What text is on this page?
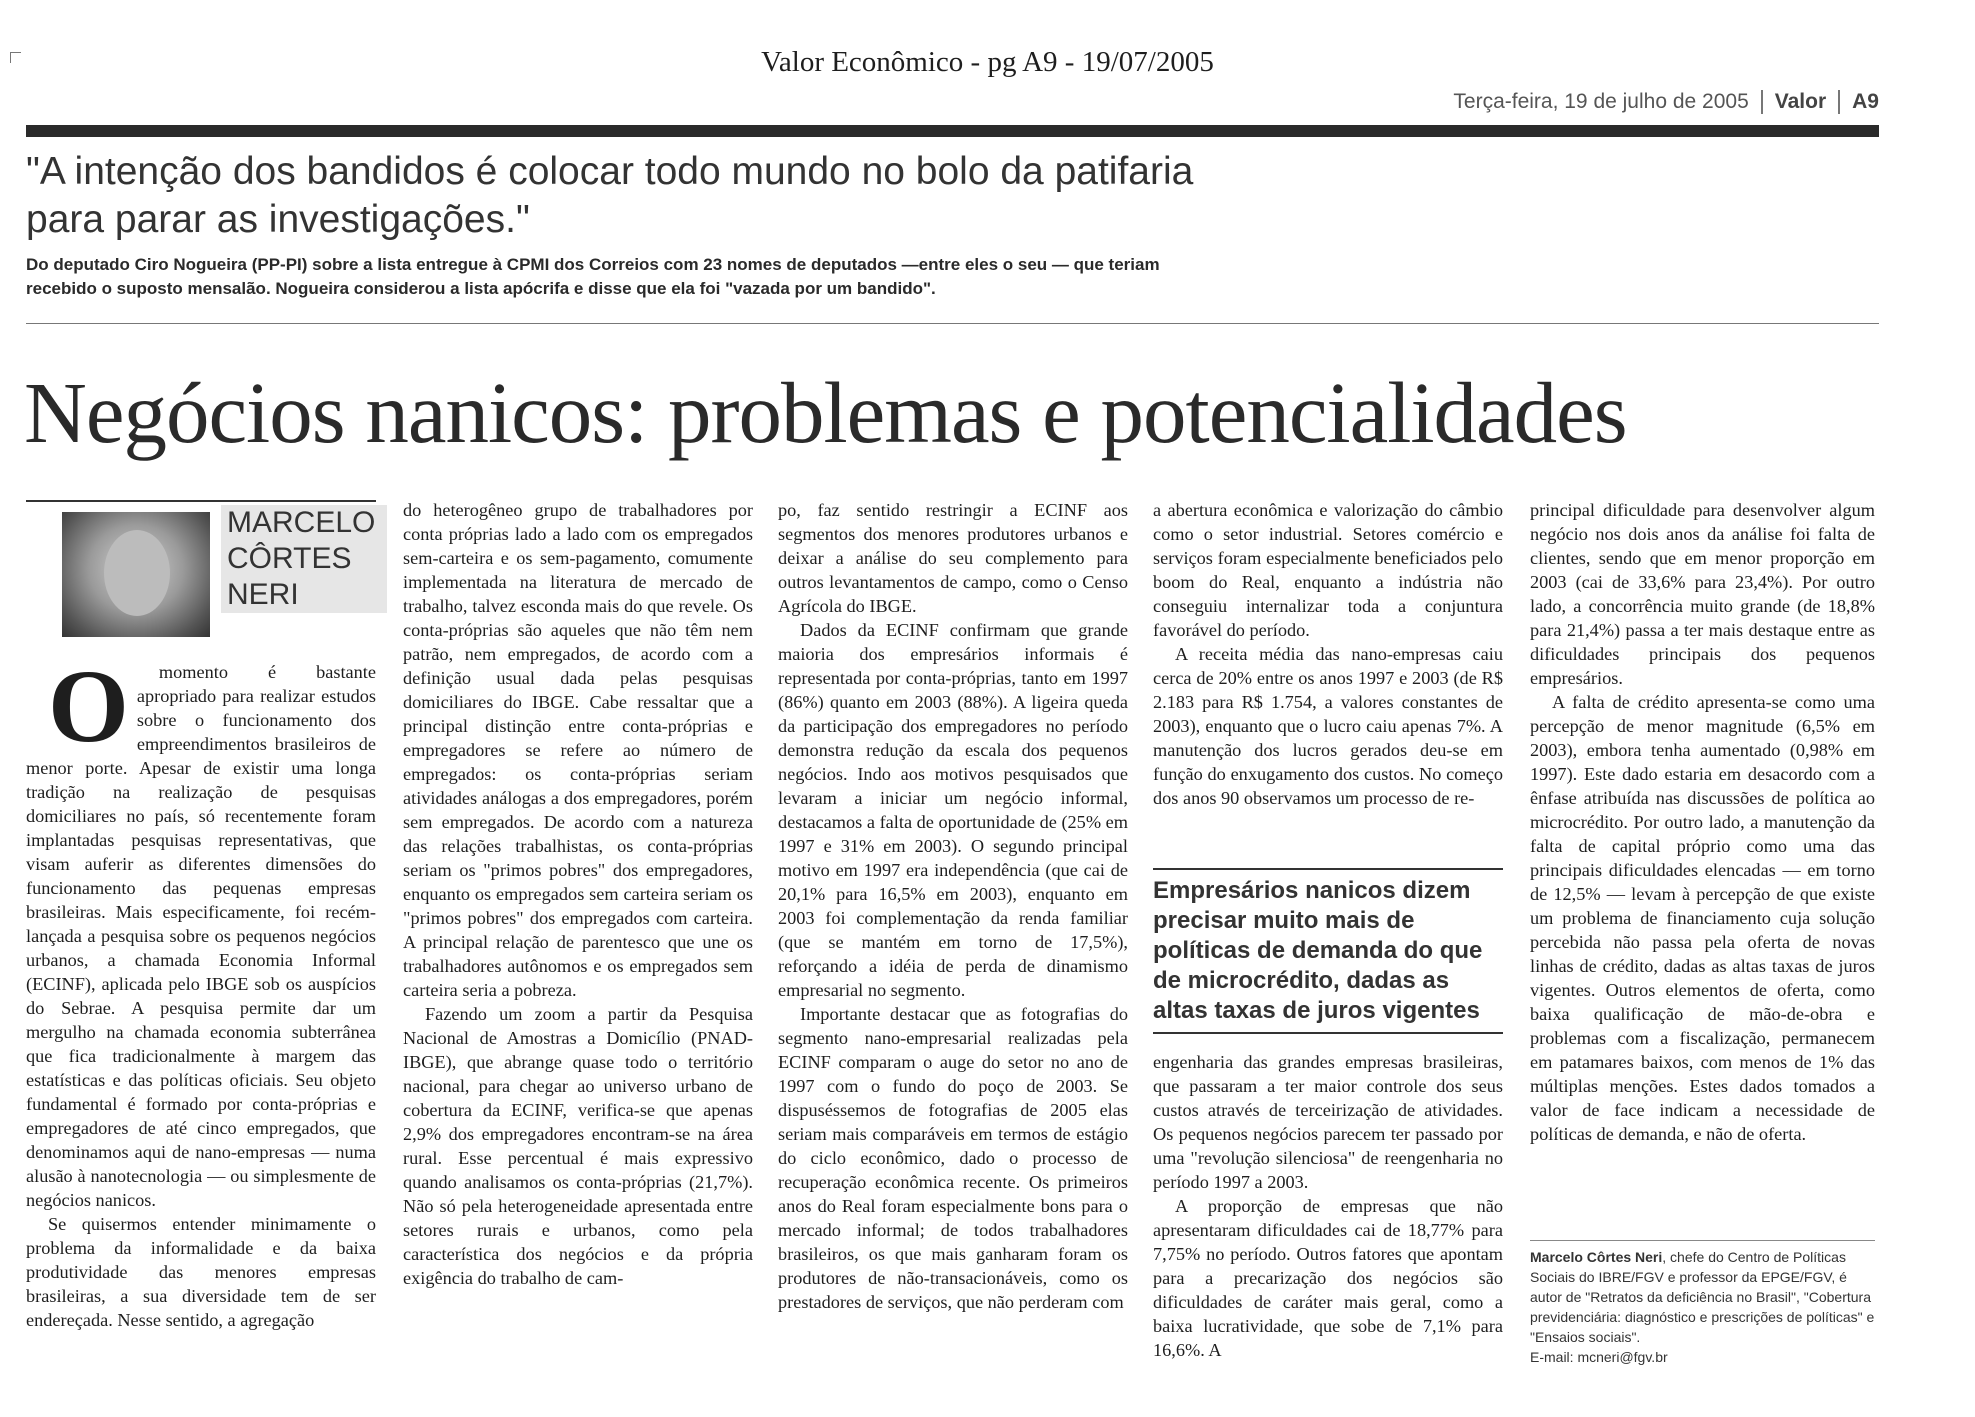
Valor Econômico - pg A9 - 19/07/2005
Terça-feira, 19 de julho de 2005 Valor A9
"A intenção dos bandidos é colocar todo mundo no bolo da patifaria para parar as investigações."
Do deputado Ciro Nogueira (PP-PI) sobre a lista entregue à CPMI dos Correios com 23 nomes de deputados —entre eles o seu — que teriam recebido o suposto mensalão. Nogueira considerou a lista apócrifa e disse que ela foi "vazada por um bandido".
Negócios nanicos: problemas e potencialidades
MARCELO CÔRTES NERI

O momento é bastante apropriado para realizar estudos sobre o funcionamento dos empreendimentos brasileiros de menor porte. Apesar de existir uma longa tradição na realização de pesquisas domiciliares no país, só recentemente foram implantadas pesquisas representativas, que visam auferir as diferentes dimensões do funcionamento das pequenas empresas brasileiras. Mais especificamente, foi recém-lançada a pesquisa sobre os pequenos negócios urbanos, a chamada Economia Informal (ECINF), aplicada pelo IBGE sob os auspícios do Sebrae. A pesquisa permite dar um mergulho na chamada economia subterrânea que fica tradicionalmente à margem das estatísticas e das políticas oficiais. Seu objeto fundamental é formado por conta-próprias e empregadores de até cinco empregados, que denominamos aqui de nano-empresas — numa alusão à nanotecnologia — ou simplesmente de negócios nanicos.

Se quisermos entender minimamente o problema da informalidade e da baixa produtividade das menores empresas brasileiras, a sua diversidade tem de ser endereçada. Nesse sentido, a agregação

do heterogêneo grupo de trabalhadores por conta próprias lado a lado com os empregados sem-carteira e os sem-pagamento, comumente implementada na literatura de mercado de trabalho, talvez esconda mais do que revele. Os conta-próprias são aqueles que não têm nem patrão, nem empregados, de acordo com a definição usual dada pelas pesquisas domiciliares do IBGE. Cabe ressaltar que a principal distinção entre conta-próprias e empregadores se refere ao número de empregados: os conta-próprias seriam atividades análogas a dos empregadores, porém sem empregados. De acordo com a natureza das relações trabalhistas, os conta-próprias seriam os "primos pobres" dos empregadores, enquanto os empregados sem carteira seriam os "primos pobres" dos empregados com carteira. A principal relação de parentesco que une os trabalhadores autônomos e os empregados sem carteira seria a pobreza.

Fazendo um zoom a partir da Pesquisa Nacional de Amostras a Domicílio (PNAD-IBGE), que abrange quase todo o território nacional, para chegar ao universo urbano de cobertura da ECINF, verifica-se que apenas 2,9% dos empregadores encontram-se na área rural. Esse percentual é mais expressivo quando analisamos os conta-próprias (21,7%). Não só pela heterogeneidade apresentada entre setores rurais e urbanos, como pela característica dos negócios e da própria exigência do trabalho de cam-

po, faz sentido restringir a ECINF aos segmentos dos menores produtores urbanos e deixar a análise do seu complemento para outros levantamentos de campo, como o Censo Agrícola do IBGE.

Dados da ECINF confirmam que grande maioria dos empresários informais é representada por conta-próprias, tanto em 1997 (86%) quanto em 2003 (88%). A ligeira queda da participação dos empregadores no período demonstra redução da escala dos pequenos negócios. Indo aos motivos pesquisados que levaram a iniciar um negócio informal, destacamos a falta de oportunidade de (25% em 1997 e 31% em 2003). O segundo principal motivo em 1997 era independência (que cai de 20,1% para 16,5% em 2003), enquanto em 2003 foi complementação da renda familiar (que se mantém em torno de 17,5%), reforçando a idéia de perda de dinamismo empresarial no segmento.

Importante destacar que as fotografias do segmento nano-empresarial realizadas pela ECINF comparam o auge do setor no ano de 1997 com o fundo do poço de 2003. Se dispuséssemos de fotografias de 2005 elas seriam mais comparáveis em termos de estágio do ciclo econômico, dado o processo de recuperação econômica recente. Os primeiros anos do Real foram especialmente bons para o mercado informal; de todos trabalhadores brasileiros, os que mais ganharam foram os produtores de não-transacionáveis, como os prestadores de serviços, que não perderam com

a abertura econômica e valorização do câmbio como o setor industrial. Setores comércio e serviços foram especialmente beneficiados pelo boom do Real, enquanto a indústria não conseguiu internalizar toda a conjuntura favorável do período.

A receita média das nano-empresas caiu cerca de 20% entre os anos 1997 e 2003 (de R$ 2.183 para R$ 1.754, a valores constantes de 2003), enquanto que o lucro caiu apenas 7%. A manutenção dos lucros gerados deu-se em função do enxugamento dos custos. No começo dos anos 90 observamos um processo de re-

Empresários nanicos dizem precisar muito mais de políticas de demanda do que de microcrédito, dadas as altas taxas de juros vigentes

engenharia das grandes empresas brasileiras, que passaram a ter maior controle dos seus custos através de terceirização de atividades. Os pequenos negócios parecem ter passado por uma "revolução silenciosa" de reengenharia no período 1997 a 2003.

A proporção de empresas que não apresentaram dificuldades cai de 18,77% para 7,75% no período. Outros fatores que apontam para a precarização dos negócios são dificuldades de caráter mais geral, como a baixa lucratividade, que sobe de 7,1% para 16,6%. A

principal dificuldade para desenvolver algum negócio nos dois anos da análise foi falta de clientes, sendo que em menor proporção em 2003 (cai de 33,6% para 23,4%). Por outro lado, a concorrência muito grande (de 18,8% para 21,4%) passa a ter mais destaque entre as dificuldades principais dos pequenos empresários.

A falta de crédito apresenta-se como uma percepção de menor magnitude (6,5% em 2003), embora tenha aumentado (0,98% em 1997). Este dado estaria em desacordo com a ênfase atribuída nas discussões de política ao microcrédito. Por outro lado, a manutenção da falta de capital próprio como uma das principais dificuldades elencadas — em torno de 12,5% — levam à percepção de que existe um problema de financiamento cuja solução percebida não passa pela oferta de novas linhas de crédito, dadas as altas taxas de juros vigentes. Outros elementos de oferta, como baixa qualificação de mão-de-obra e problemas com a fiscalização, permanecem em patamares baixos, com menos de 1% das múltiplas menções. Estes dados tomados a valor de face indicam a necessidade de políticas de demanda, e não de oferta.

Marcelo Côrtes Neri, chefe do Centro de Políticas Sociais do IBRE/FGV e professor da EPGE/FGV, é autor de "Retratos da deficiência no Brasil", "Cobertura previdenciária: diagnóstico e prescrições de políticas" e "Ensaios sociais".
E-mail: mcneri@fgv.br
